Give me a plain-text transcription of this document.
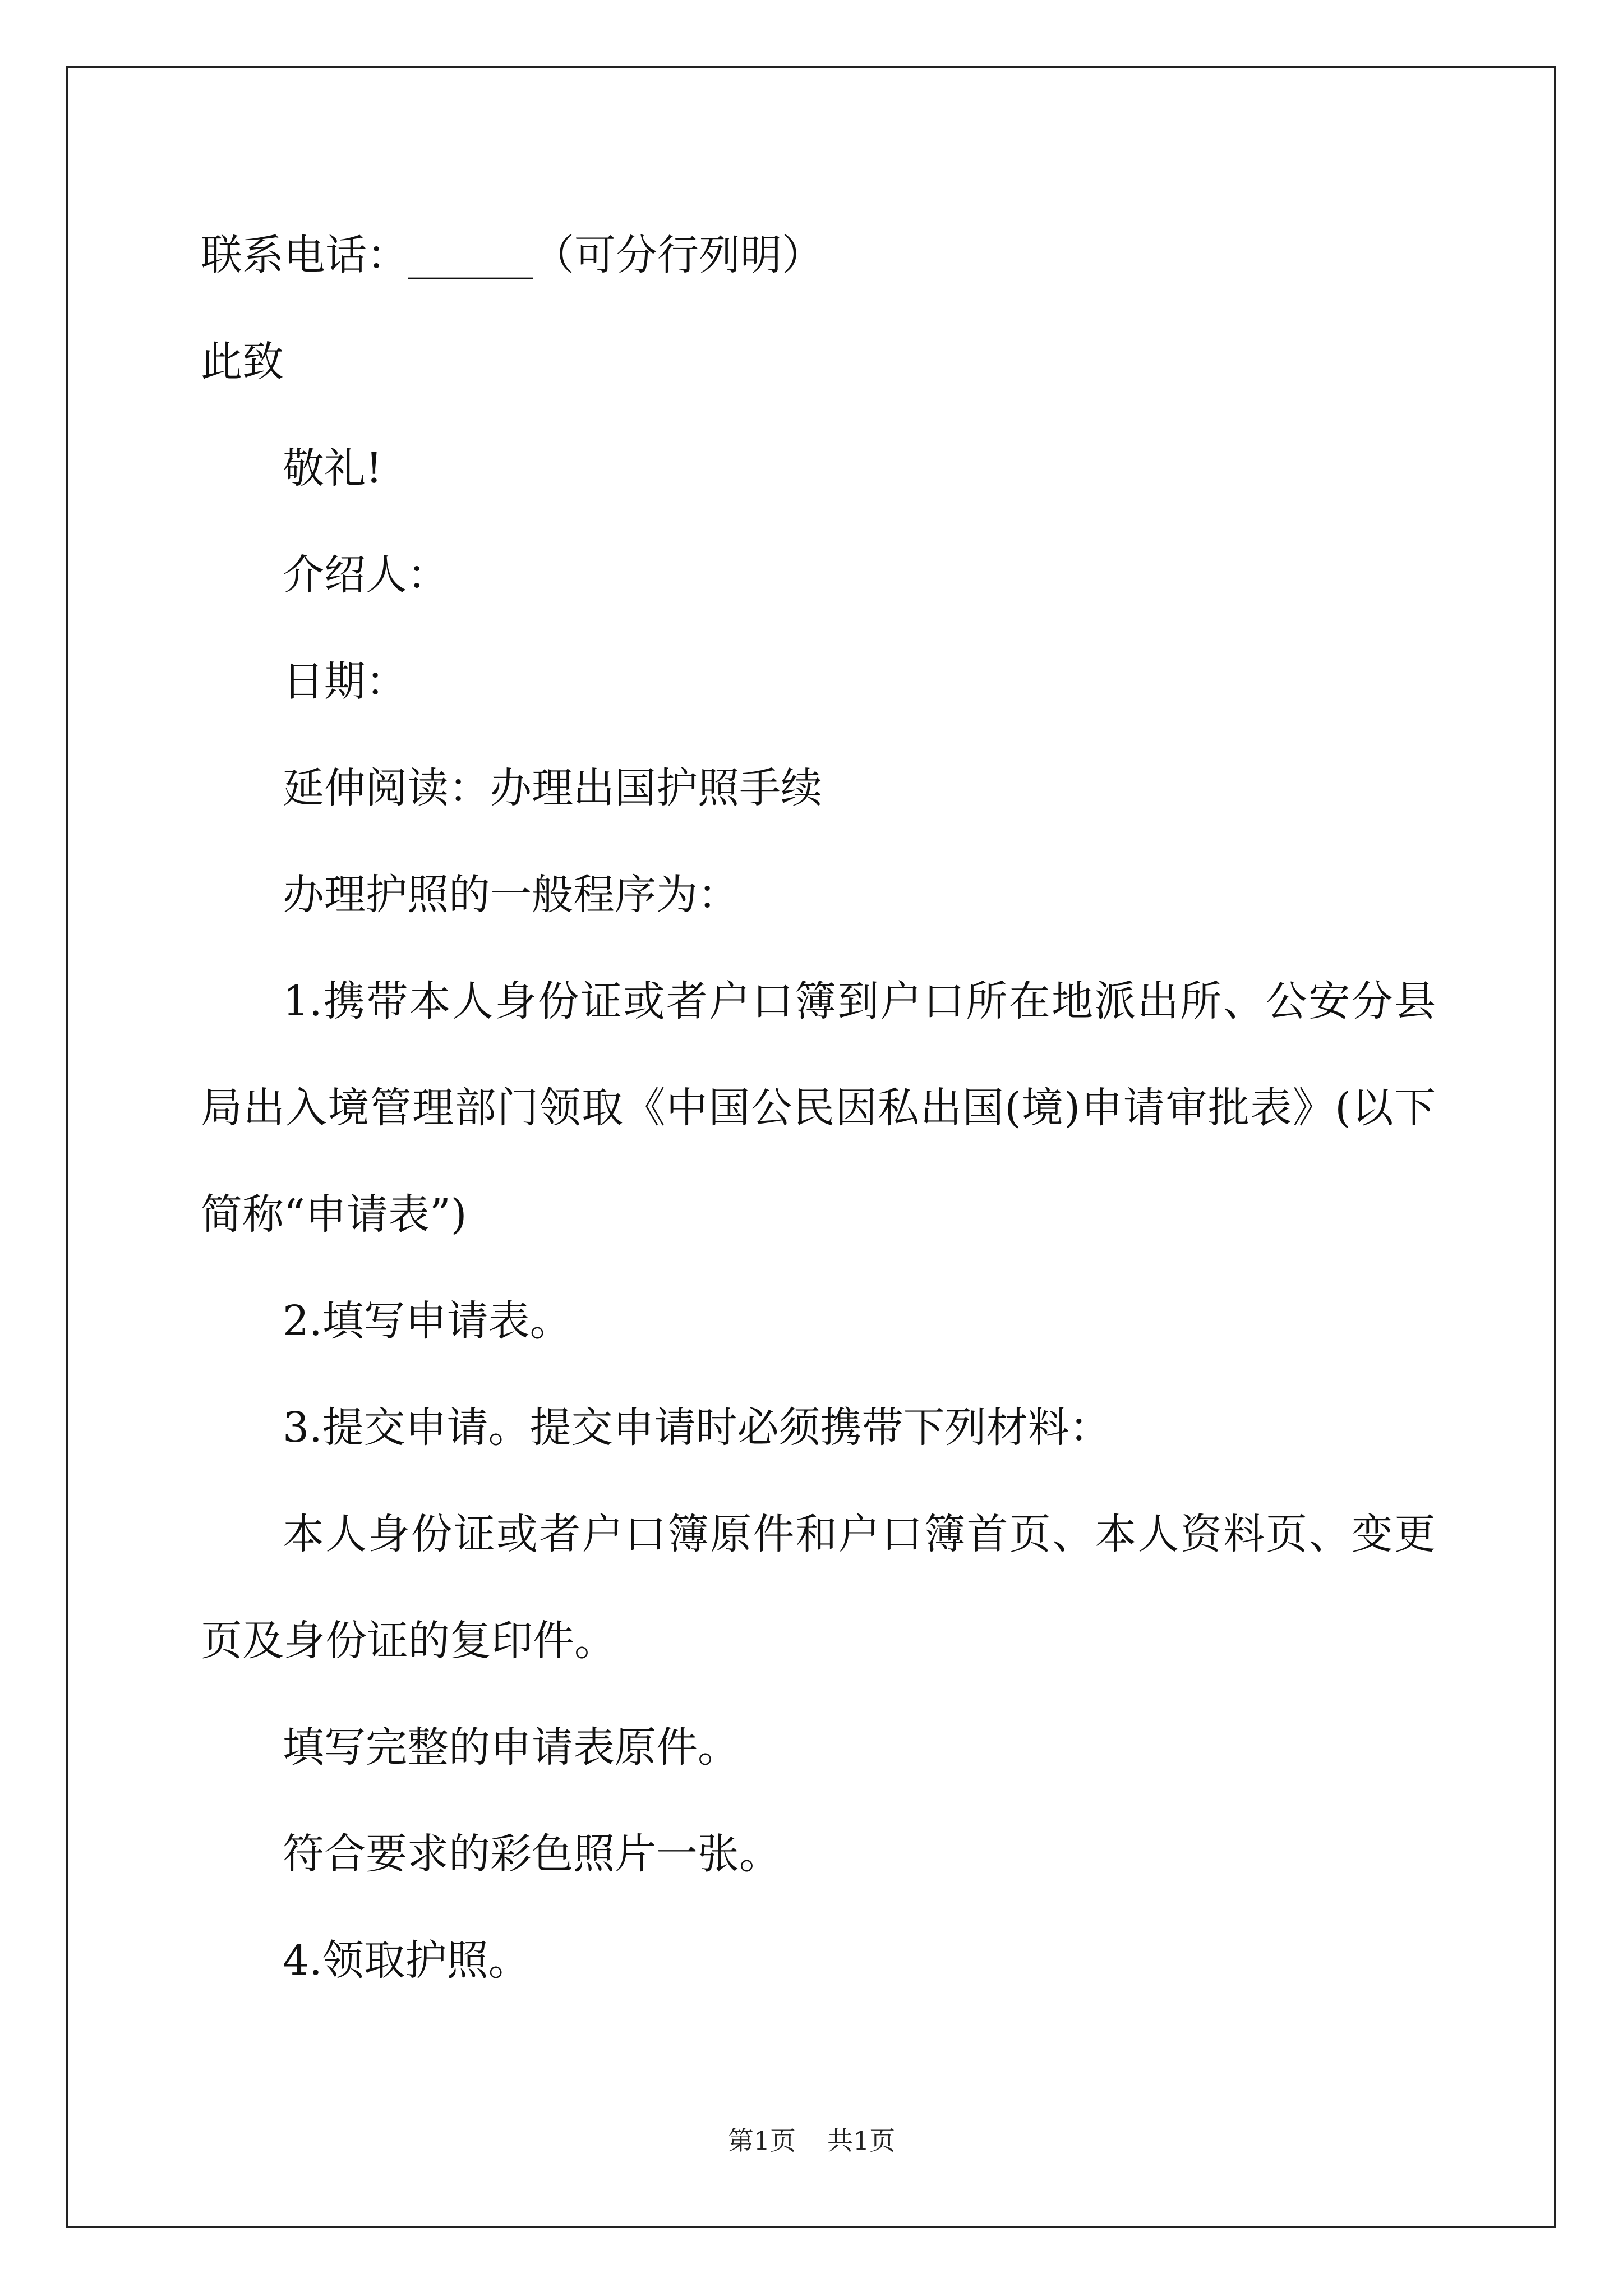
联系电话：______（可分行列明）

此致

敬礼!

介绍人：

日期：

延伸阅读：办理出国护照手续

办理护照的一般程序为：

1.携带本人身份证或者户口簿到户口所在地派出所、公安分县局出入境管理部门领取《中国公民因私出国(境)申请审批表》(以下简称“申请表”)

2.填写申请表。

3.提交申请。提交申请时必须携带下列材料：

本人身份证或者户口簿原件和户口簿首页、本人资料页、变更页及身份证的复印件。

填写完整的申请表原件。

符合要求的彩色照片一张。

4.领取护照。

第1页 共1页
